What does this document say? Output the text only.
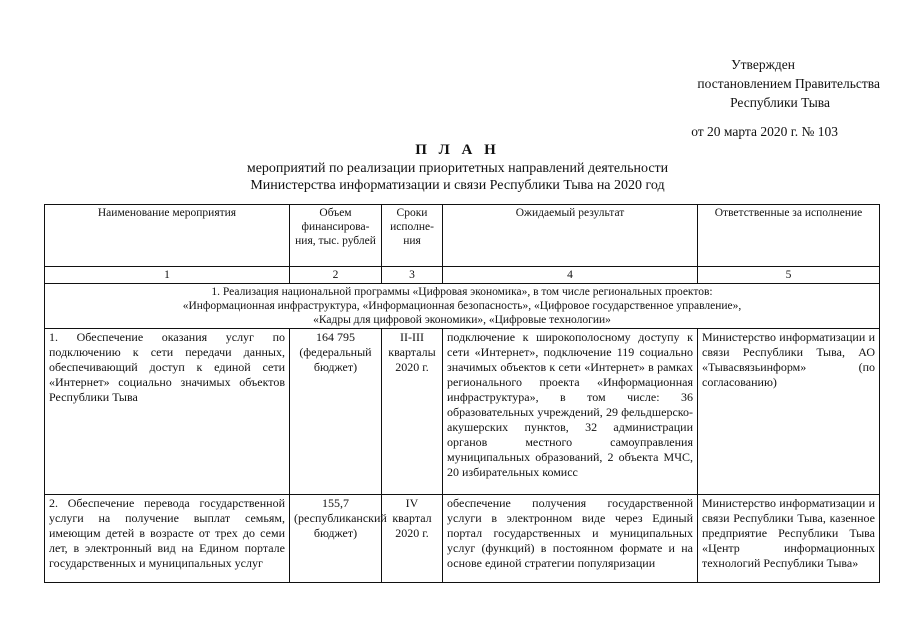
Утвержден
постановлением Правительства
Республики Тыва
от 20 марта 2020 г. № 103
П Л А Н
мероприятий по реализации приоритетных направлений деятельности
Министерства информатизации и связи Республики Тыва на 2020 год
Наименование мероприятия	Объем финансирова-ния, тыс. рублей	Сроки исполне-ния	Ожидаемый результат	Ответственные за исполнение
1	2	3	4	5

1. Реализация национальной программы «Цифровая экономика», в том числе региональных проектов:
«Информационная инфраструктура, «Информационная безопасность», «Цифровое государственное управление»,
«Кадры для цифровой экономики», «Цифровые технологии»				

1. Обеспечение оказания услуг по подключению к сети передачи данных, обеспечивающий доступ к единой сети «Интернет» социально значимых объектов Республики Тыва	164 795 (федеральный бюджет)	II-III кварталы 2020 г.	подключение к широкополосному доступу к сети «Интернет», подключение 119 социально значимых объектов к сети «Интернет» в рамках регионального проекта «Информационная инфраструктура», в том числе: 36 образовательных учреждений, 29 фельдшерско-акушерских пунктов, 32 администрации органов местного самоуправления муниципальных образований, 2 объекта МЧС, 20 избирательных комисс	Министерство информатизации и связи Республики Тыва, АО «Тывасвязьинформ» (по согласованию)
2. Обеспечение перевода государственной услуги на получение выплат семьям, имеющим детей в возрасте от трех до семи лет, в электронный вид на Едином портале государственных и муниципальных услуг	155,7 (республиканский бюджет)	IV квартал 2020 г.	обеспечение получения государственной услуги в электронном виде через Единый портал государственных и муниципальных услуг (функций) в постоянном формате и на основе единой стратегии популяризации	Министерство информатизации и связи Республики Тыва, казенное предприятие Республики Тыва «Центр информационных технологий Республики Тыва»
